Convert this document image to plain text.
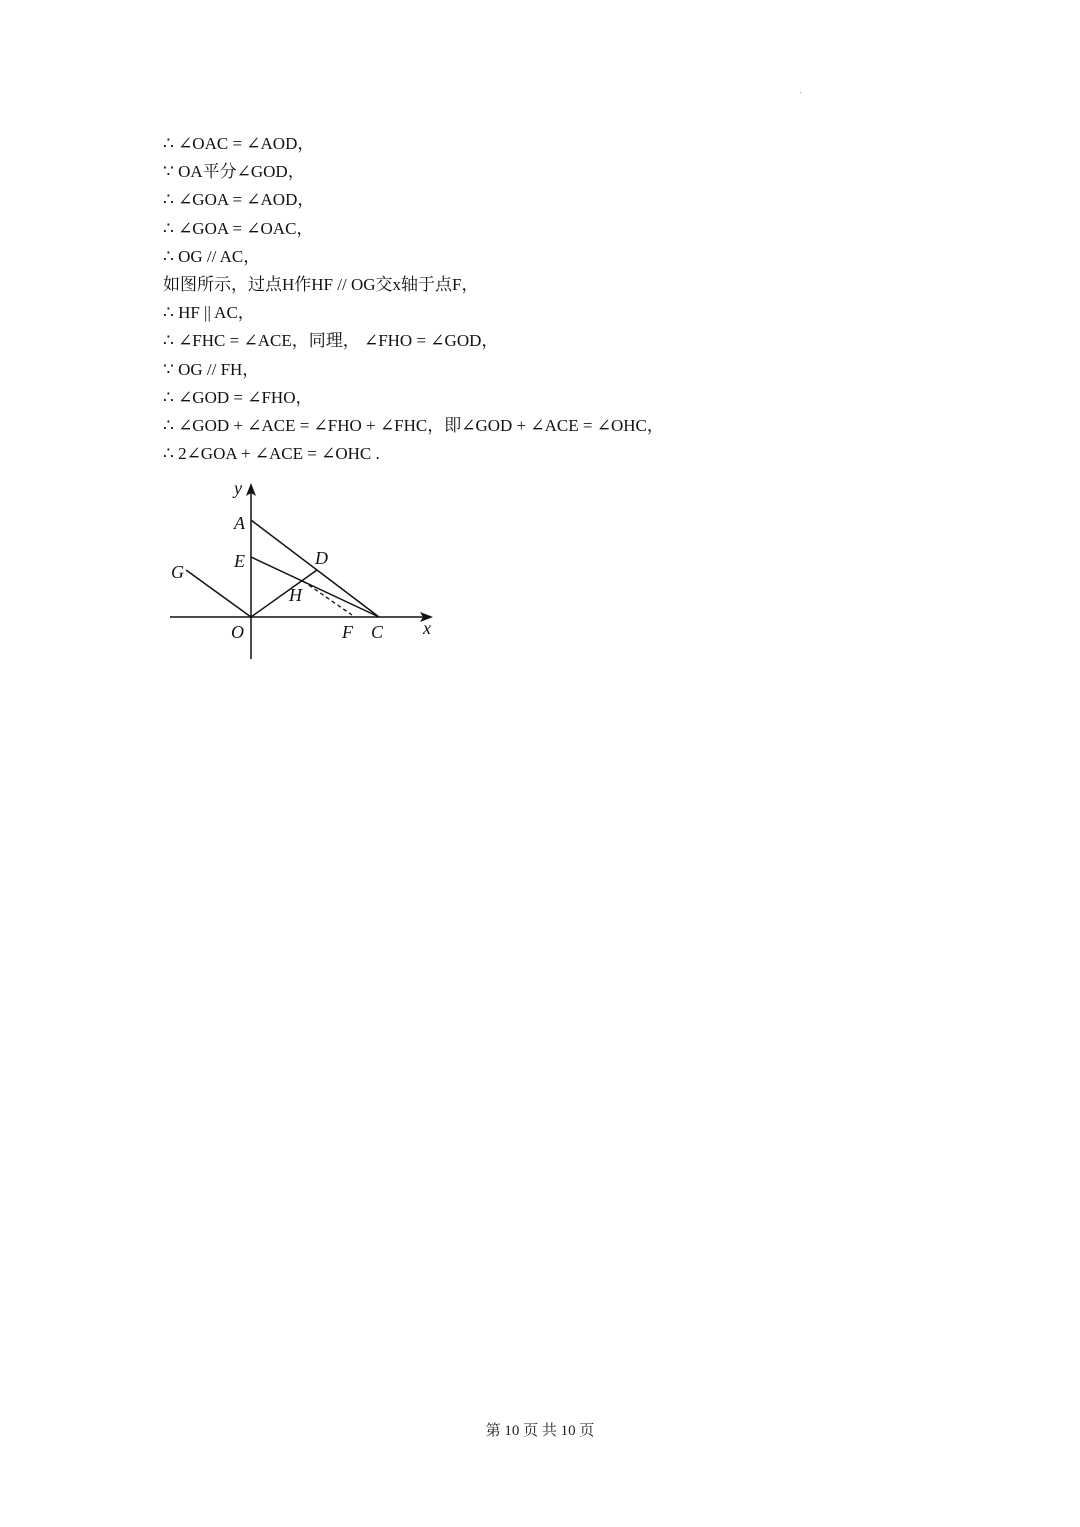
∴ ∠OAC = ∠AOD，
∵ OA平分∠GOD，
∴ ∠GOA = ∠AOD，
∴ ∠GOA = ∠OAC，
∴ OG // AC，
如图所示，过点H作HF // OG交x轴于点F，
∴ HF || AC，
∴ ∠FHC = ∠ACE，同理， ∠FHO = ∠GOD，
∵ OG // FH，
∴ ∠GOD = ∠FHO，
∴ ∠GOD + ∠ACE = ∠FHO + ∠FHC，即∠GOD + ∠ACE = ∠OHC，
∴ 2∠GOA + ∠ACE = ∠OHC .
y
A
E	D
G
H
O	F C x
第 10 页 共 10 页
